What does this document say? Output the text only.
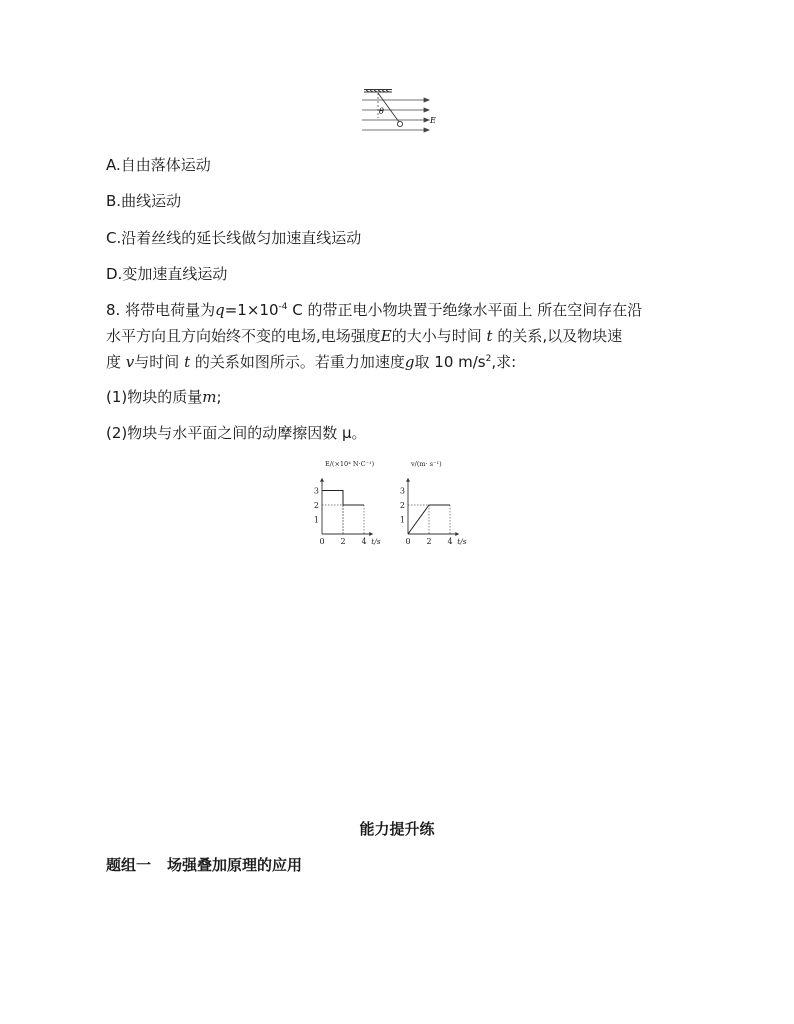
θ
E
A.自由落体运动
B.曲线运动
C.沿着丝线的延长线做匀加速直线运动
D.变加速直线运动
8. 将带电荷量为$q=1\times 10^{-4}$ C 的带正电小物块置于绝缘水平面上 所在空间存在沿
水平方向且方向始终不变的电场,电场强度E的大小与时间 t 的关系,以及物块速
度 v与时间 t 的关系如图所示。若重力加速度g取 10 $m/s^2$,求:
(1)物块的质量m;
(2)物块与水平面之间的动摩擦因数 μ。
0 2 4
1
2
3
E/(×10⁴ N·C⁻¹)
t/s	0 2 4
1
2
3
v/(m· s⁻¹)
t/s
能力提升练
题组一 场强叠加原理的应用
